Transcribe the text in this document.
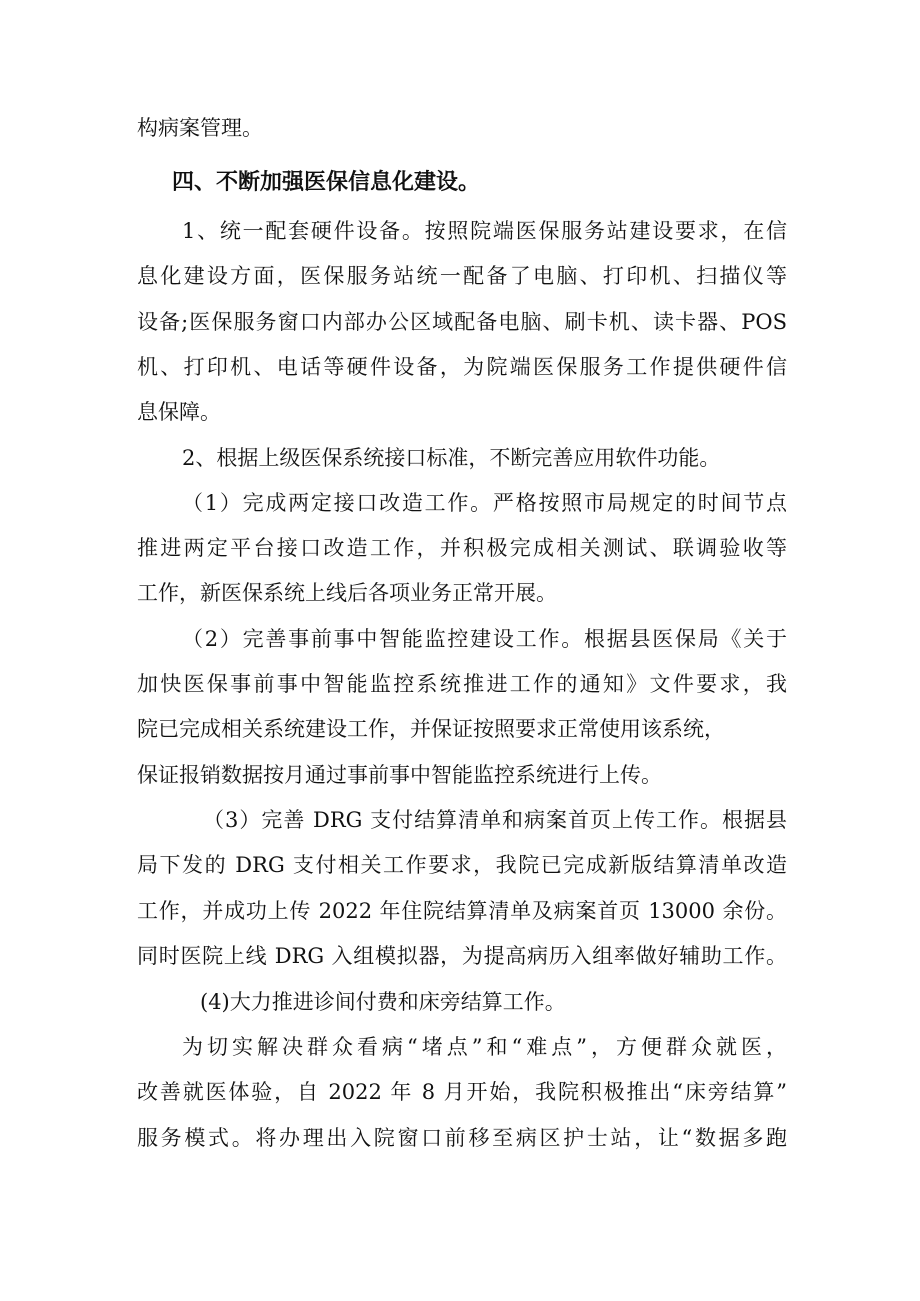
构病案管理。

四、不断加强医保信息化建设。

1、统一配套硬件设备。按照院端医保服务站建设要求，在信

息化建设方面，医保服务站统一配备了电脑、打印机、扫描仪等

设备;医保服务窗口内部办公区域配备电脑、刷卡机、读卡器、POS

机、打印机、电话等硬件设备，为院端医保服务工作提供硬件信

息保障。

2、根据上级医保系统接口标准，不断完善应用软件功能。

（1）完成两定接口改造工作。严格按照市局规定的时间节点

推进两定平台接口改造工作，并积极完成相关测试、联调验收等

工作，新医保系统上线后各项业务正常开展。

（2）完善事前事中智能监控建设工作。根据县医保局《关于

加快医保事前事中智能监控系统推进工作的通知》文件要求，我

院已完成相关系统建设工作，并保证按照要求正常使用该系统，

保证报销数据按月通过事前事中智能监控系统进行上传。

（3）完善 DRG 支付结算清单和病案首页上传工作。根据县

局下发的 DRG 支付相关工作要求，我院已完成新版结算清单改造

工作，并成功上传 2022 年住院结算清单及病案首页 13000 余份。

同时医院上线 DRG 入组模拟器，为提高病历入组率做好辅助工作。

(4)大力推进诊间付费和床旁结算工作。

为切实解决群众看病“堵点”和“难点”，方便群众就医，

改善就医体验，自 2022 年 8 月开始，我院积极推出“床旁结算”

服务模式。将办理出入院窗口前移至病区护士站，让“数据多跑
